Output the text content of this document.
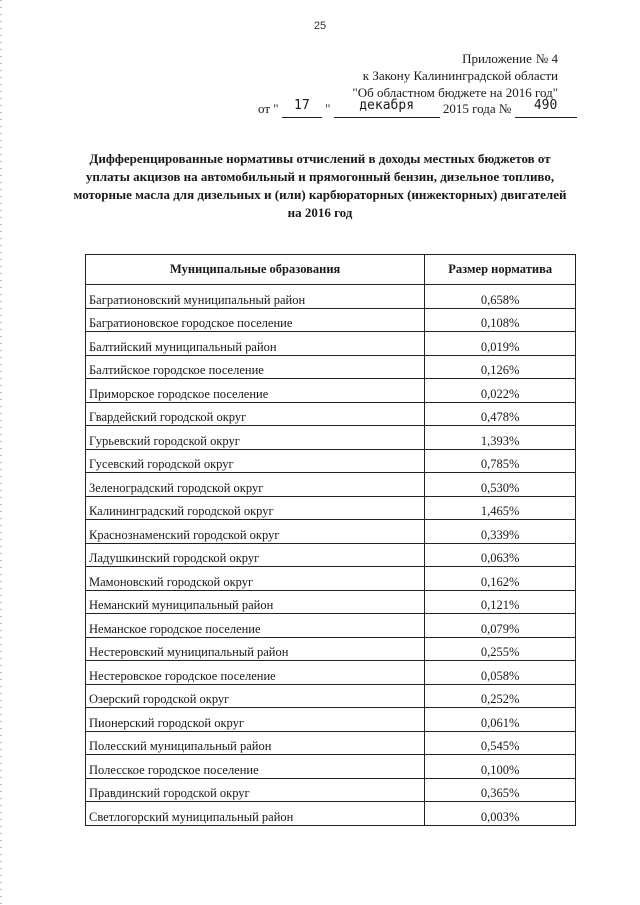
25
Приложение № 4
к Закону Калининградской области
"Об областном бюджете на 2016 год"
от " 17 " декабря 2015 года № 490
Дифференцированные нормативы отчислений в доходы местных бюджетов от уплаты акцизов на автомобильный и прямогонный бензин, дизельное топливо, моторные масла для дизельных и (или) карбюраторных (инжекторных) двигателей на 2016 год
Муниципальные образования	Размер норматива
Багратионовский муниципальный район	0,658%
Багратионовское городское поселение	0,108%
Балтийский муниципальный район	0,019%
Балтийское городское поселение	0,126%
Приморское городское поселение	0,022%
Гвардейский городской округ	0,478%
Гурьевский городской округ	1,393%
Гусевский городской округ	0,785%
Зеленоградский городской округ	0,530%
Калининградский городской округ	1,465%
Краснознаменский городской округ	0,339%
Ладушкинский городской округ	0,063%
Мамоновский городской округ	0,162%
Неманский муниципальный район	0,121%
Неманское городское поселение	0,079%
Нестеровский муниципальный район	0,255%
Нестеровское городское поселение	0,058%
Озерский городской округ	0,252%
Пионерский городской округ	0,061%
Полесский муниципальный район	0,545%
Полесское городское поселение	0,100%
Правдинский городской округ	0,365%
Светлогорский муниципальный район	0,003%
